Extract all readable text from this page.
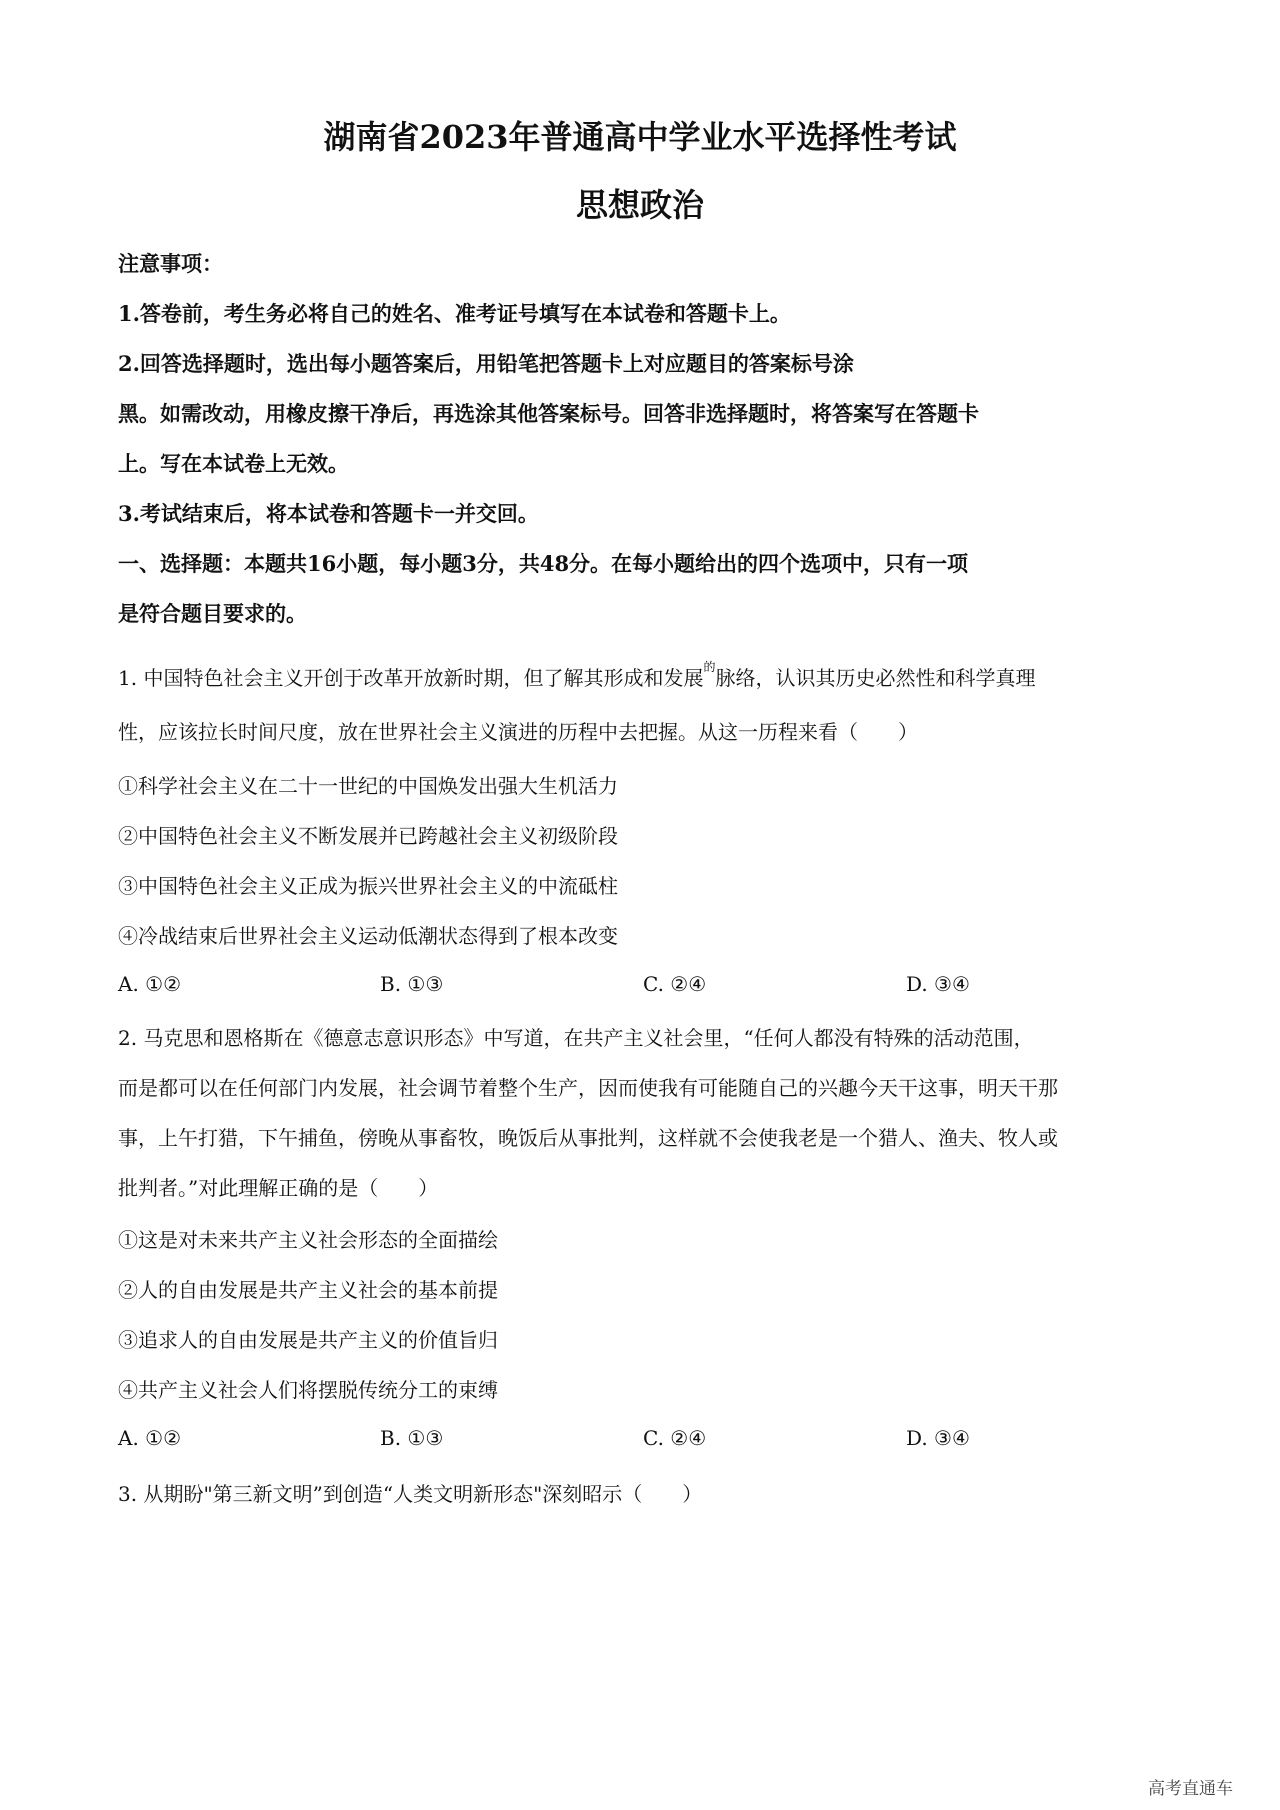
湖南省2023年普通高中学业水平选择性考试
思想政治
注意事项：
1.答卷前，考生务必将自己的姓名、准考证号填写在本试卷和答题卡上。
2.回答选择题时，选出每小题答案后，用铅笔把答题卡上对应题目的答案标号涂
黑。如需改动，用橡皮擦干净后，再选涂其他答案标号。回答非选择题时，将答案写在答题卡
上。写在本试卷上无效。
3.考试结束后，将本试卷和答题卡一并交回。
一、选择题：本题共16小题，每小题3分，共48分。在每小题给出的四个选项中，只有一项
是符合题目要求的。
1. 中国特色社会主义开创于改革开放新时期，但了解其形成和发展$^的$脉络，认识其历史必然性和科学真理
性，应该拉长时间尺度，放在世界社会主义演进的历程中去把握。从这一历程来看（　　）
①科学社会主义在二十一世纪的中国焕发出强大生机活力
②中国特色社会主义不断发展并已跨越社会主义初级阶段
③中国特色社会主义正成为振兴世界社会主义的中流砥柱
④冷战结束后世界社会主义运动低潮状态得到了根本改变
A. ①②	B. ①③	C. ②④	D. ③④
2. 马克思和恩格斯在《德意志意识形态》中写道，在共产主义社会里，“任何人都没有特殊的活动范围，
而是都可以在任何部门内发展，社会调节着整个生产，因而使我有可能随自己的兴趣今天干这事，明天干那
事，上午打猎，下午捕鱼，傍晚从事畜牧，晚饭后从事批判，这样就不会使我老是一个猎人、渔夫、牧人或
批判者。”对此理解正确的是（　　）
①这是对未来共产主义社会形态的全面描绘
②人的自由发展是共产主义社会的基本前提
③追求人的自由发展是共产主义的价值旨归
④共产主义社会人们将摆脱传统分工的束缚
A. ①②	B. ①③	C. ②④	D. ③④
3. 从期盼"第三新文明”到创造“人类文明新形态"深刻昭示（　　）
高考直通车
